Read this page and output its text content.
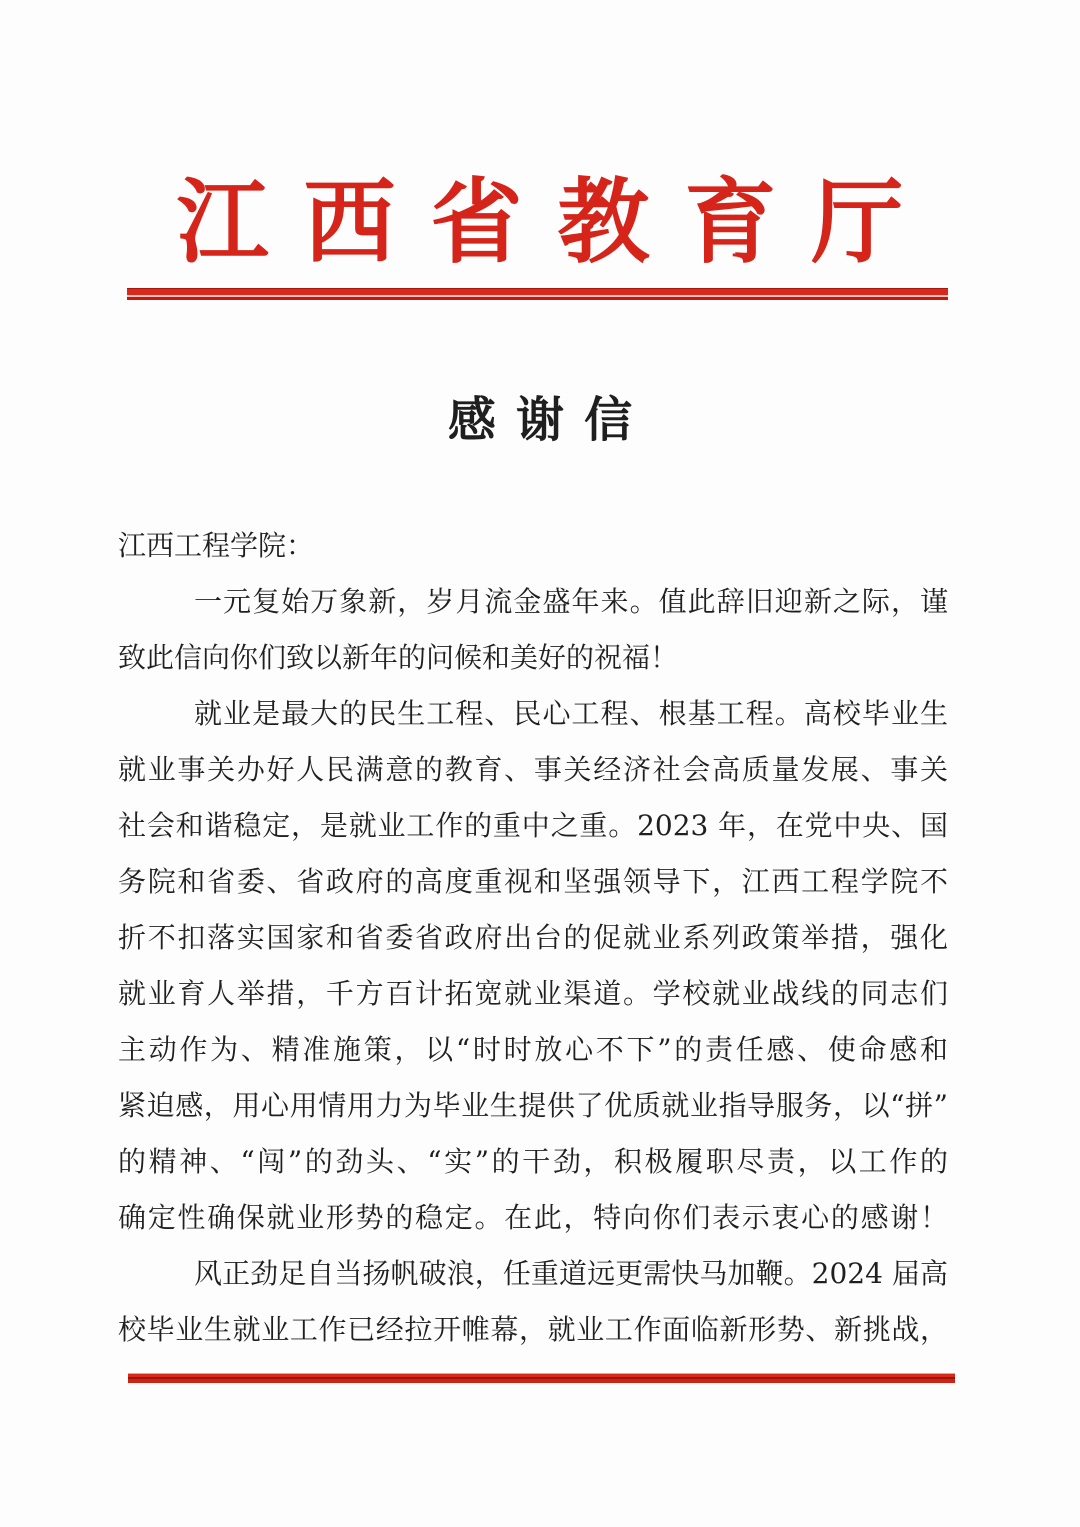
江西省教育厅
感谢信
江西工程学院：
一元复始万象新，岁月流金盛年来。值此辞旧迎新之际，谨
致此信向你们致以新年的问候和美好的祝福！
就业是最大的民生工程、民心工程、根基工程。高校毕业生
就业事关办好人民满意的教育、事关经济社会高质量发展、事关
社会和谐稳定，是就业工作的重中之重。2023 年，在党中央、国
务院和省委、省政府的高度重视和坚强领导下，江西工程学院不
折不扣落实国家和省委省政府出台的促就业系列政策举措，强化
就业育人举措，千方百计拓宽就业渠道。学校就业战线的同志们
主动作为、精准施策，以“时时放心不下”的责任感、使命感和
紧迫感，用心用情用力为毕业生提供了优质就业指导服务，以“拼”
的精神、“闯”的劲头、“实”的干劲，积极履职尽责，以工作的
确定性确保就业形势的稳定。在此，特向你们表示衷心的感谢！
风正劲足自当扬帆破浪，任重道远更需快马加鞭。2024 届高
校毕业生就业工作已经拉开帷幕，就业工作面临新形势、新挑战，
